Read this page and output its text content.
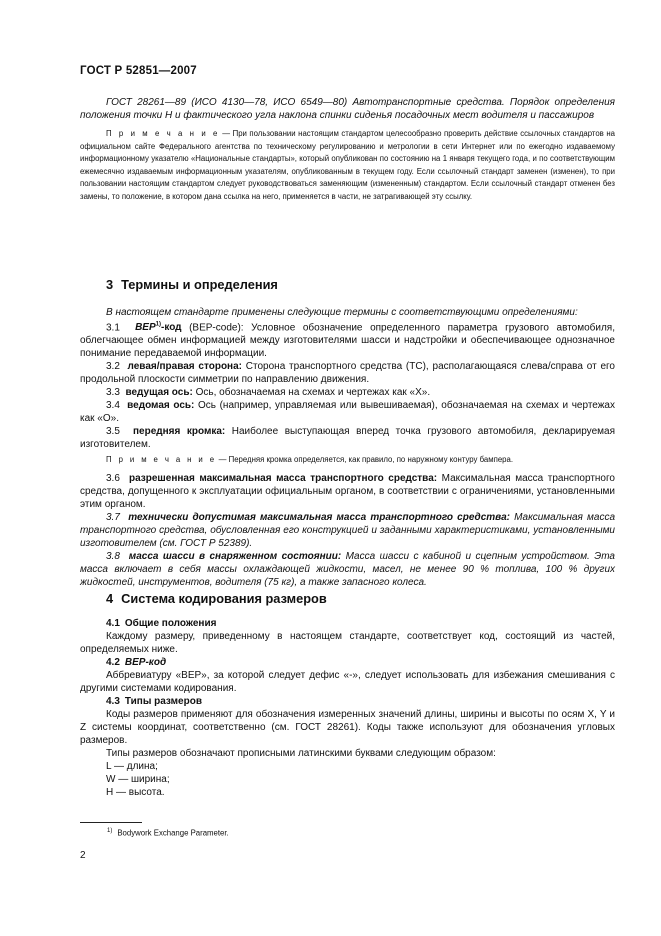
ГОСТ Р 52851—2007

ГОСТ 28261—89 (ИСО 4130—78, ИСО 6549—80) Автотранспортные средства. Порядок определения положения точки H и фактического угла наклона спинки сиденья посадочных мест водителя и пассажиров

П р и м е ч а н и е — При пользовании настоящим стандартом целесообразно проверить действие ссылочных стандартов на официальном сайте Федерального агентства по техническому регулированию и метрологии в сети Интернет или по ежегодно издаваемому информационному указателю «Национальные стандарты», который опубликован по состоянию на 1 января текущего года, и по соответствующим ежемесячно издаваемым информационным указателям, опубликованным в текущем году. Если ссылочный стандарт заменен (изменен), то при пользовании настоящим стандартом следует руководствоваться заменяющим (измененным) стандартом. Если ссылочный стандарт отменен без замены, то положение, в котором дана ссылка на него, применяется в части, не затрагивающей эту ссылку.

3 Термины и определения

В настоящем стандарте применены следующие термины с соответствующими определениями:

3.1 BEP$^{1)}$-код (BEP-code): Условное обозначение определенного параметра грузового автомобиля, облегчающее обмен информацией между изготовителями шасси и надстройки и обеспечивающее однозначное понимание передаваемой информации.

3.2 левая/правая сторона: Сторона транспортного средства (ТС), располагающаяся слева/справа от его продольной плоскости симметрии по направлению движения.

3.3 ведущая ось: Ось, обозначаемая на схемах и чертежах как «X».

3.4 ведомая ось: Ось (например, управляемая или вывешиваемая), обозначаемая на схемах и чертежах как «O».

3.5 передняя кромка: Наиболее выступающая вперед точка грузового автомобиля, декларируемая изготовителем.

П р и м е ч а н и е — Передняя кромка определяется, как правило, по наружному контуру бампера.

3.6 разрешенная максимальная масса транспортного средства: Максимальная масса транспортного средства, допущенного к эксплуатации официальным органом, в соответствии с ограничениями, установленными этим органом.

3.7 технически допустимая максимальная масса транспортного средства: Максимальная масса транспортного средства, обусловленная его конструкцией и заданными характеристиками, установленными изготовителем (см. ГОСТ Р 52389).

3.8 масса шасси в снаряженном состоянии: Масса шасси с кабиной и сцепным устройством. Эта масса включает в себя массы охлаждающей жидкости, масел, не менее 90 % топлива, 100 % других жидкостей, инструментов, водителя (75 кг), а также запасного колеса.

4 Система кодирования размеров

4.1 Общие положения

Каждому размеру, приведенному в настоящем стандарте, соответствует код, состоящий из частей, определяемых ниже.

4.2 BEP-код

Аббревиатуру «BEP», за которой следует дефис «-», следует использовать для избежания смешивания с другими системами кодирования.

4.3 Типы размеров

Коды размеров применяют для обозначения измеренных значений длины, ширины и высоты по осям X, Y и Z системы координат, соответственно (см. ГОСТ 28261). Коды также используют для обозначения угловых размеров.

Типы размеров обозначают прописными латинскими буквами следующим образом:

L — длина;

W — ширина;

H — высота.

$^{1)}$ Bodywork Exchange Parameter.
2
